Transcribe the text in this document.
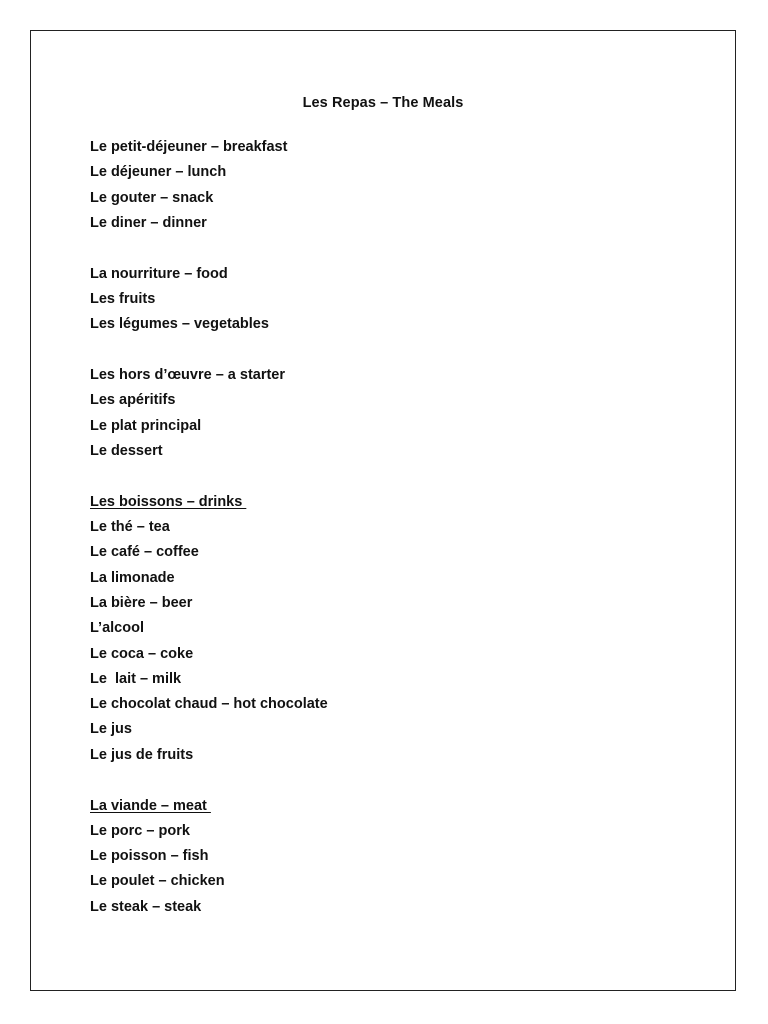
Les Repas – The Meals
Le petit-déjeuner – breakfast
Le déjeuner – lunch
Le gouter – snack
Le diner – dinner
La nourriture – food
Les fruits
Les légumes – vegetables
Les hors d’œuvre – a starter
Les apéritifs
Le plat principal
Le dessert
Les boissons – drinks
Le thé – tea
Le café – coffee
La limonade
La bière – beer
L’alcool
Le coca – coke
Le  lait – milk
Le chocolat chaud – hot chocolate
Le jus
Le jus de fruits
La viande – meat
Le porc – pork
Le poisson – fish
Le poulet – chicken
Le steak – steak
